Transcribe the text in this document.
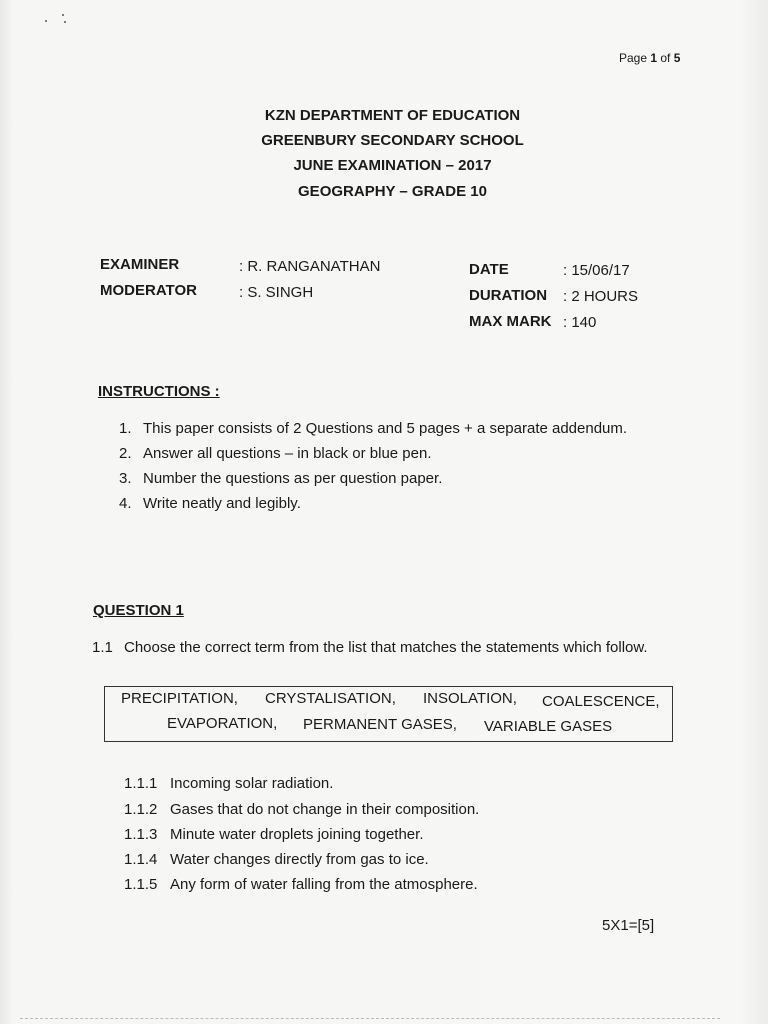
Page 1 of 5
KZN DEPARTMENT OF EDUCATION
GREENBURY SECONDARY SCHOOL
JUNE EXAMINATION – 2017
GEOGRAPHY – GRADE 10
EXAMINER	: R. RANGANATHAN
MODERATOR	: S. SINGH
DATE	: 15/06/17
DURATION : 2 HOURS
MAX MARK : 140
INSTRUCTIONS :
1. This paper consists of 2 Questions and 5 pages + a separate addendum.
2. Answer all questions – in black or blue pen.
3. Number the questions as per question paper.
4. Write neatly and legibly.
QUESTION 1
1.1 Choose the correct term from the list that matches the statements which follow.
PRECIPITATION, CRYSTALISATION, INSOLATION, COALESCENCE,
EVAPORATION, PERMANENT GASES, VARIABLE GASES
1.1.1 Incoming solar radiation.
1.1.2 Gases that do not change in their composition.
1.1.3 Minute water droplets joining together.
1.1.4 Water changes directly from gas to ice.
1.1.5 Any form of water falling from the atmosphere.
5X1=[5]
